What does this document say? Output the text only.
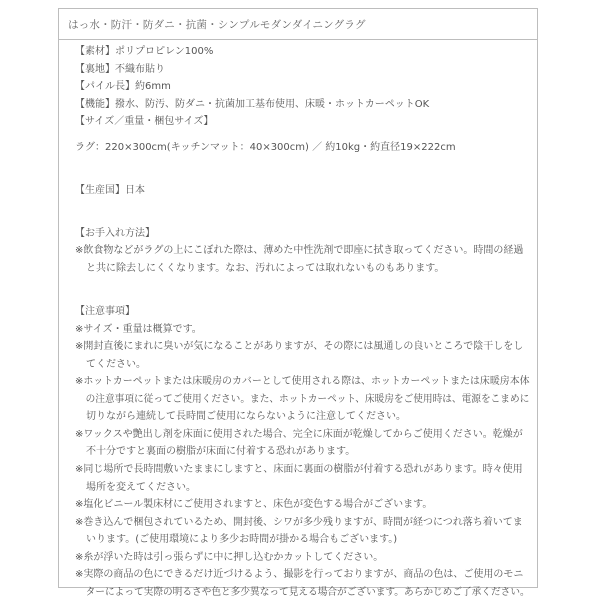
はっ水・防汗・防ダニ・抗菌・シンプルモダンダイニングラグ
【素材】ポリプロピレン100%
【裏地】不織布貼り
【パイル長】約6mm
【機能】撥水、防汚、防ダニ・抗菌加工基布使用、床暖・ホットカーペットOK
【サイズ／重量・梱包サイズ】
ラグ：220×300cm(キッチンマット：40×300cm) ／ 約10kg・約直径19×222cm
【生産国】日本
【お手入れ方法】
※飲食物などがラグの上にこぼれた際は、薄めた中性洗剤で即座に拭き取ってください。時間の経過
と共に除去しにくくなります。なお、汚れによっては取れないものもあります。
【注意事項】
※サイズ・重量は概算です。
※開封直後にまれに臭いが気になることがありますが、その際には風通しの良いところで陰干しをし
てください。
※ホットカーペットまたは床暖房のカバーとして使用される際は、ホットカーペットまたは床暖房本体
の注意事項に従ってご使用ください。また、ホットカーペット、床暖房をご使用時は、電源をこまめに
切りながら連続して長時間ご使用にならないように注意してください。
※ワックスや艶出し剤を床面に使用された場合、完全に床面が乾燥してからご使用ください。乾燥が
不十分ですと裏面の樹脂が床面に付着する恐れがあります。
※同じ場所で長時間敷いたままにしますと、床面に裏面の樹脂が付着する恐れがあります。時々使用
場所を変えてください。
※塩化ビニール製床材にご使用されますと、床色が変色する場合がございます。
※巻き込んで梱包されているため、開封後、シワが多少残りますが、時間が経つにつれ落ち着いてま
いります。(ご使用環境により多少お時間が掛かる場合もございます。)
※糸が浮いた時は引っ張らずに中に押し込むかカットしてください。
※実際の商品の色にできるだけ近づけるよう、撮影を行っておりますが、商品の色は、ご使用のモニ
ターによって実際の明るさや色と多少異なって見える場合がございます。あらかじめご了承ください。
